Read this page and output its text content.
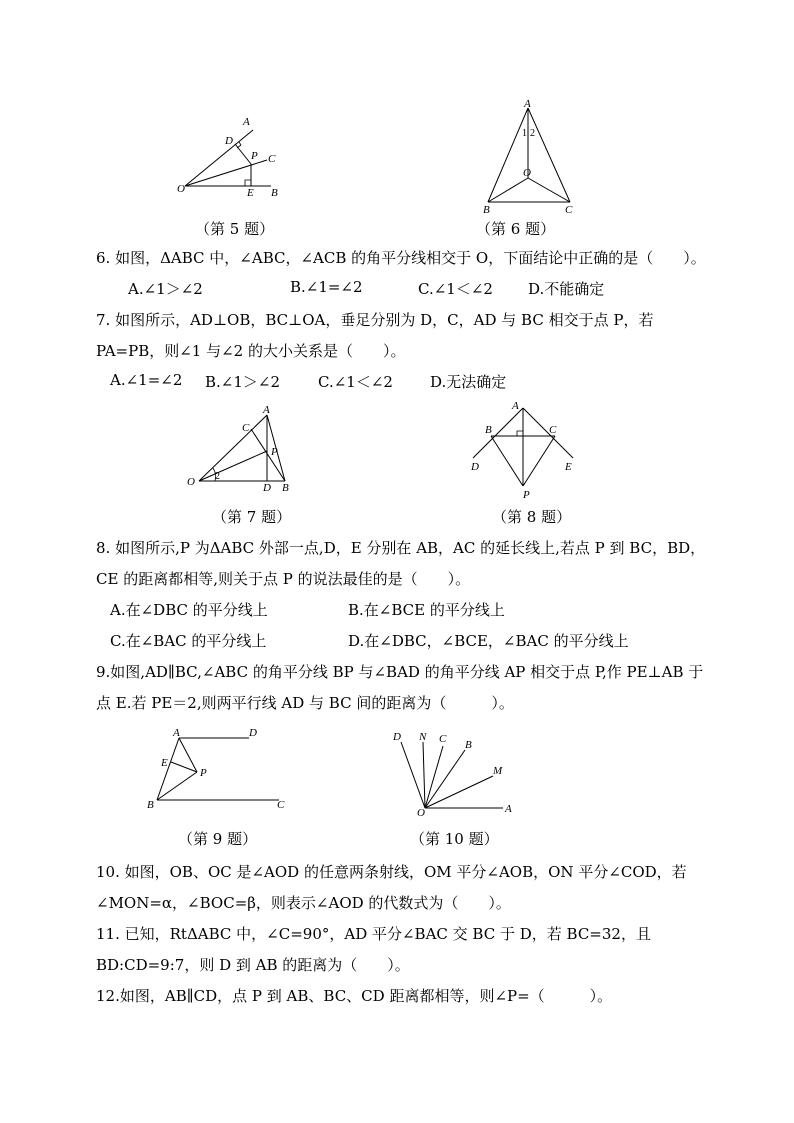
A
D
P C
O	E B
（第 5 题）
A
1 2
O
B	C
（第 6 题）
6. 如图，ΔABC 中，∠ABC，∠ACB 的角平分线相交于 O，下面结论中正确的是（　　）。
A.∠1＞∠2	B.∠1=∠2	C.∠1＜∠2 D.不能确定
7. 如图所示，AD⊥OB，BC⊥OA，垂足分别为 D，C，AD 与 BC 相交于点 P，若
PA=PB，则∠1 与∠2 的大小关系是（　　）。
A.∠1=∠2 B.∠1＞∠2	C.∠1＜∠2 D.无法确定
A
C
P
O 2
D B
（第 7 题）
A
B	C
D	E
P
（第 8 题）
8. 如图所示,P 为ΔABC 外部一点,D，E 分别在 AB，AC 的延长线上,若点 P 到 BC，BD，
CE 的距离都相等,则关于点 P 的说法最佳的是（　　）。
A.在∠DBC 的平分线上	B.在∠BCE 的平分线上
C.在∠BAC 的平分线上	D.在∠DBC，∠BCE，∠BAC 的平分线上
9.如图,AD∥BC,∠ABC 的角平分线 BP 与∠BAD 的角平分线 AP 相交于点 P,作 PE⊥AB 于
点 E.若 PE＝2,则两平行线 AD 与 BC 间的距离为（　　　）。
A	D
E
P
B	C
（第 9 题）
D N C B
M
O	A
（第 10 题）
10. 如图，OB、OC 是∠AOD 的任意两条射线，OM 平分∠AOB，ON 平分∠COD，若
∠MON=α，∠BOC=β，则表示∠AOD 的代数式为（　　）。
11. 已知，RtΔABC 中，∠C=90°，AD 平分∠BAC 交 BC 于 D，若 BC=32，且
BD:CD=9:7，则 D 到 AB 的距离为（　　）。
12.如图，AB∥CD，点 P 到 AB、BC、CD 距离都相等，则∠P=（　　　）。
